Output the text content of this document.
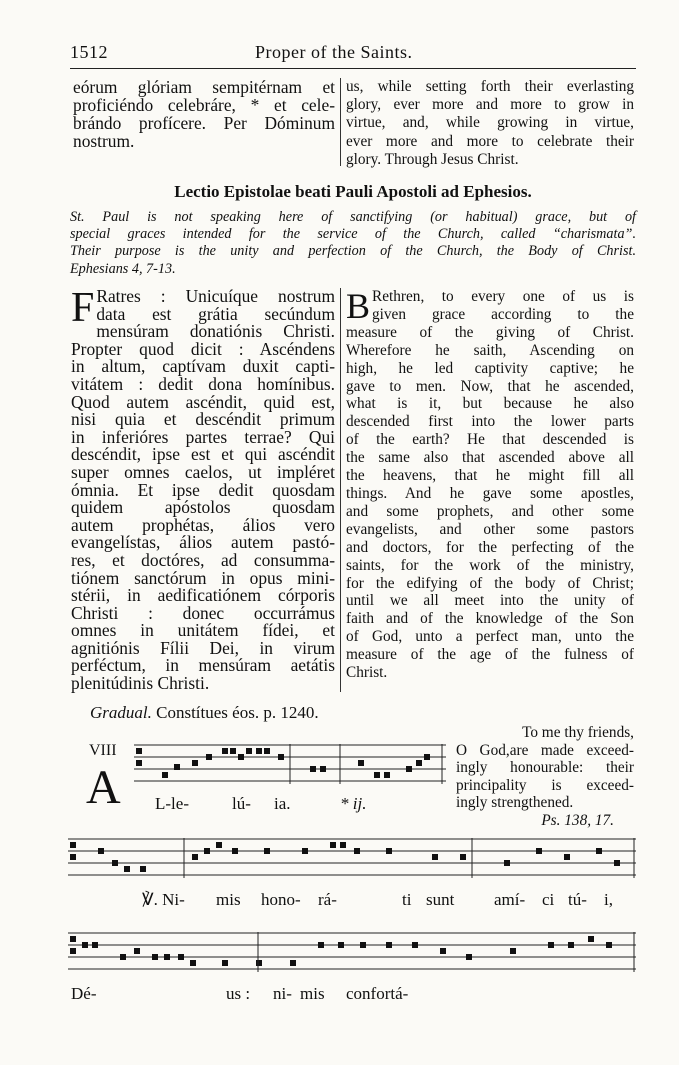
1512	Proper of the Saints.
eórum glóriam sempitérnam et
proficiéndo celebráre, * et cele-
brándo profícere. Per Dóminum
nostrum.
us, while setting forth their everlasting
glory, ever more and more to grow in
virtue, and, while growing in virtue,
ever more and more to celebrate their
glory. Through Jesus Christ.
Lectio Epistolae beati Pauli Apostoli ad Ephesios.
St. Paul is not speaking here of sanctifying (or habitual) grace, but of
special graces intended for the service of the Church, called “charismata”.
Their purpose is the unity and perfection of the Church, the Body of Christ.
Ephesians 4, 7-13.
F Ratres : Unicuíque nostrum
data est grátia secúndum
mensúram donatiónis Christi.
Propter quod dicit : Ascéndens
in altum, captívam duxit capti-
vitátem : dedit dona homínibus.
Quod autem ascéndit, quid est,
nisi quia et descéndit primum
in inferióres partes terrae? Qui
descéndit, ipse est et qui ascéndit
super omnes caelos, ut impléret
ómnia. Et ipse dedit quosdam
quidem apóstolos quosdam
autem prophétas, álios vero
evangelístas, álios autem pastó-
res, et doctóres, ad consumma-
tiónem sanctórum in opus mini-
stérii, in aedificatiónem córporis
Christi : donec occurrámus
omnes in unitátem fídei, et
agnitiónis Fílii Dei, in virum
perféctum, in mensúram aetátis
plenitúdinis Christi.
B Rethren, to every one of us is
given grace according to the
measure of the giving of Christ.
Wherefore he saith, Ascending on
high, he led captivity captive; he
gave to men. Now, that he ascended,
what is it, but because he also
descended first into the lower parts
of the earth? He that descended is
the same also that ascended above all
the heavens, that he might fill all
things. And he gave some apostles,
and some prophets, and other some
evangelists, and other some pastors
and doctors, for the perfecting of the
saints, for the work of the ministry,
for the edifying of the body of Christ;
until we all meet into the unity of
faith and of the knowledge of the Son
of God, unto a perfect man, unto the
measure of the age of the fulness of
Christ.
Gradual. Constítues éos. p. 1240.
To me thy friends,
O God,are made exceed-
ingly honourable: their
principality is exceed-
ingly strengthened.
Ps. 138, 17.
VIII
A L-le-	lú- ia.	* ij.
℣. Ni- mis hono- rá-	ti sunt amí- ci tú- i,
Dé-	us : ni- mis confortá-
